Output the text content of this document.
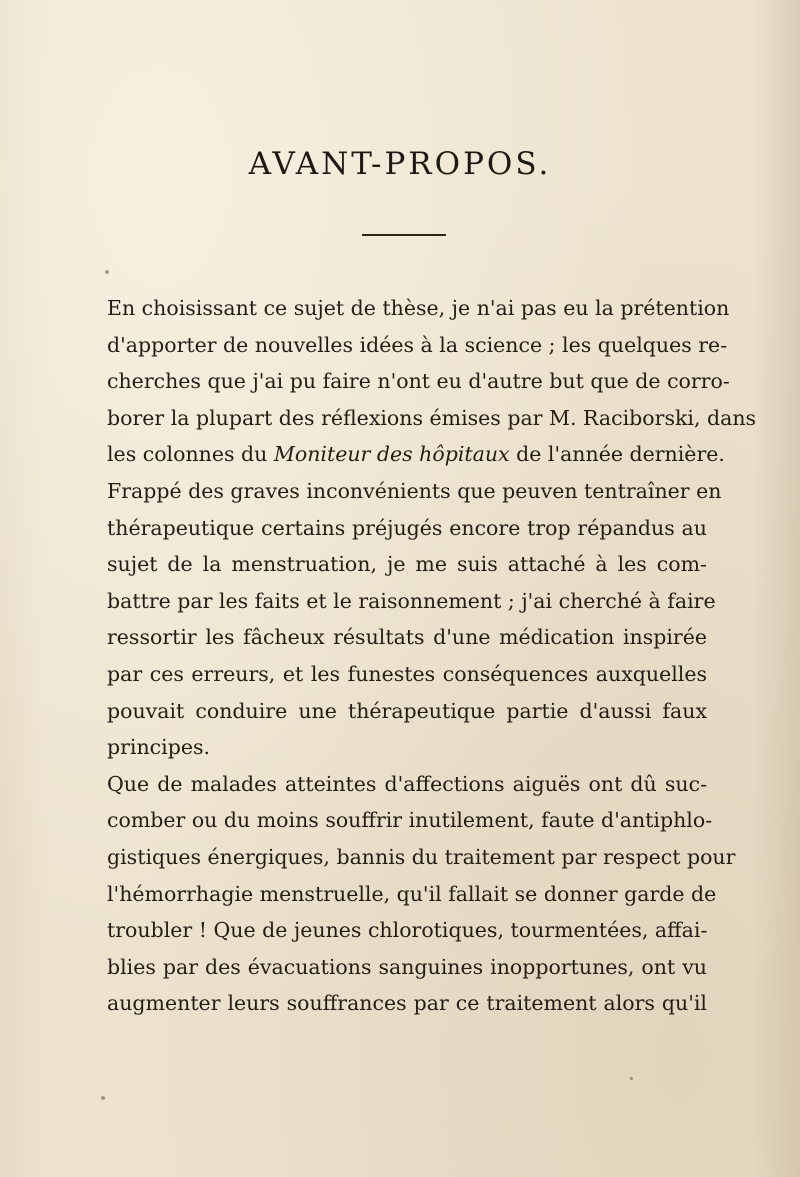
AVANT-PROPOS.
En choisissant ce sujet de thèse, je n'ai pas eu la prétention
d'apporter de nouvelles idées à la science ; les quelques re-
cherches que j'ai pu faire n'ont eu d'autre but que de corro-
borer la plupart des réflexions émises par M. Raciborski, dans
les colonnes du Moniteur des hôpitaux de l'année dernière.
Frappé des graves inconvénients que peuven tentraîner en
thérapeutique certains préjugés encore trop répandus au
sujet de la menstruation, je me suis attaché à les com-
battre par les faits et le raisonnement ; j'ai cherché à faire
ressortir les fâcheux résultats d'une médication inspirée
par ces erreurs, et les funestes conséquences auxquelles
pouvait conduire une thérapeutique partie d'aussi faux
principes.
Que de malades atteintes d'affections aiguës ont dû suc-
comber ou du moins souffrir inutilement, faute d'antiphlo-
gistiques énergiques, bannis du traitement par respect pour
l'hémorrhagie menstruelle, qu'il fallait se donner garde de
troubler ! Que de jeunes chlorotiques, tourmentées, affai-
blies par des évacuations sanguines inopportunes, ont vu
augmenter leurs souffrances par ce traitement alors qu'il
